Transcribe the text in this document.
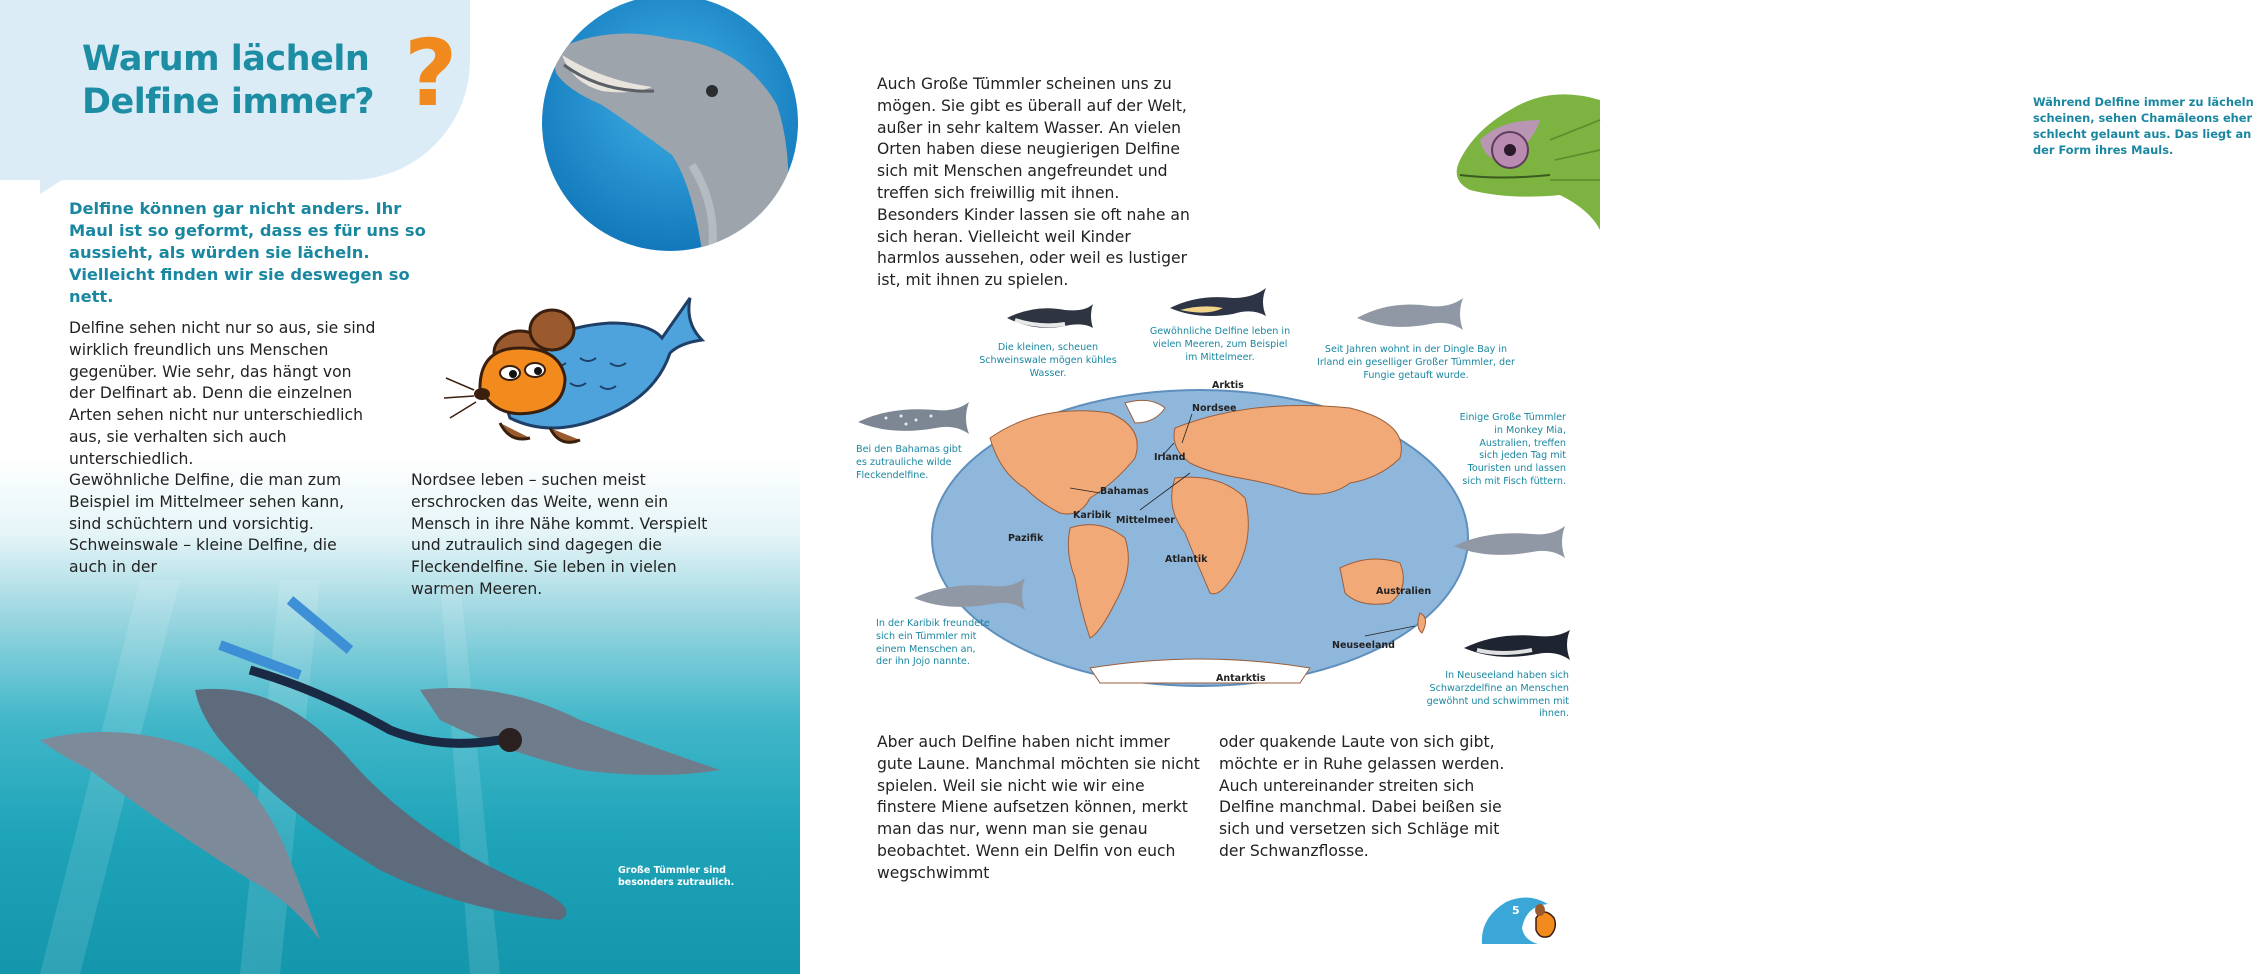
Warum lächeln
Delfine immer? ?

Delfine können gar nicht anders. Ihr Maul ist so geformt, dass es für uns so aussieht, als würden sie lächeln. Vielleicht finden wir sie deswegen so nett.

Delfine sehen nicht nur so aus, sie sind wirklich freundlich uns Menschen gegenüber. Wie sehr, das hängt von der Delfinart ab. Denn die einzelnen Arten sehen nicht nur unterschiedlich aus, sie verhalten sich auch unterschiedlich.

Gewöhnliche Delfine, die man zum Beispiel im Mittelmeer sehen kann, sind schüchtern und vorsichtig. Schweinswale – kleine Delfine, die auch in der

Nordsee leben – suchen meist erschrocken das Weite, wenn ein Mensch in ihre Nähe kommt. Verspielt und zutraulich sind dagegen die Fleckendelfine. Sie leben in vielen warmen Meeren.

Große Tümmler sind besonders zutraulich.

Auch Große Tümmler scheinen uns zu mögen. Sie gibt es überall auf der Welt, außer in sehr kaltem Wasser. An vielen Orten haben diese neugierigen Delfine sich mit Menschen angefreundet und treffen sich freiwillig mit ihnen. Besonders Kinder lassen sie oft nahe an sich heran. Vielleicht weil Kinder harmlos aussehen, oder weil es lustiger ist, mit ihnen zu spielen.

Während Delfine immer zu lächeln scheinen, sehen Chamäleons eher schlecht gelaunt aus. Das liegt an der Form ihres Mauls.

Arktis
Nordsee
Irland
Bahamas
Karibik Mittelmeer
Pazifik
Atlantik
Australien
Neuseeland
Antarktis

Die kleinen, scheuen Schweinswale mögen kühles Wasser.

Gewöhnliche Delfine leben in vielen Meeren, zum Beispiel im Mittelmeer.

Seit Jahren wohnt in der Dingle Bay in Irland ein geselliger Großer Tümmler, der Fungie getauft wurde.

Bei den Bahamas gibt es zutrauliche wilde Fleckendelfine.

Einige Große Tümmler in Monkey Mia, Australien, treffen sich jeden Tag mit Touristen und lassen sich mit Fisch füttern.

In der Karibik freundete sich ein Tümmler mit einem Menschen an, der ihn Jojo nannte.

In Neuseeland haben sich Schwarzdelfine an Menschen gewöhnt und schwimmen mit ihnen.

Aber auch Delfine haben nicht immer gute Laune. Manchmal möchten sie nicht spielen. Weil sie nicht wie wir eine finstere Miene aufsetzen können, merkt man das nur, wenn man sie genau beobachtet. Wenn ein Delfin von euch wegschwimmt

oder quakende Laute von sich gibt, möchte er in Ruhe gelassen werden. Auch untereinander streiten sich Delfine manchmal. Dabei beißen sie sich und versetzen sich Schläge mit der Schwanzflosse.

5
